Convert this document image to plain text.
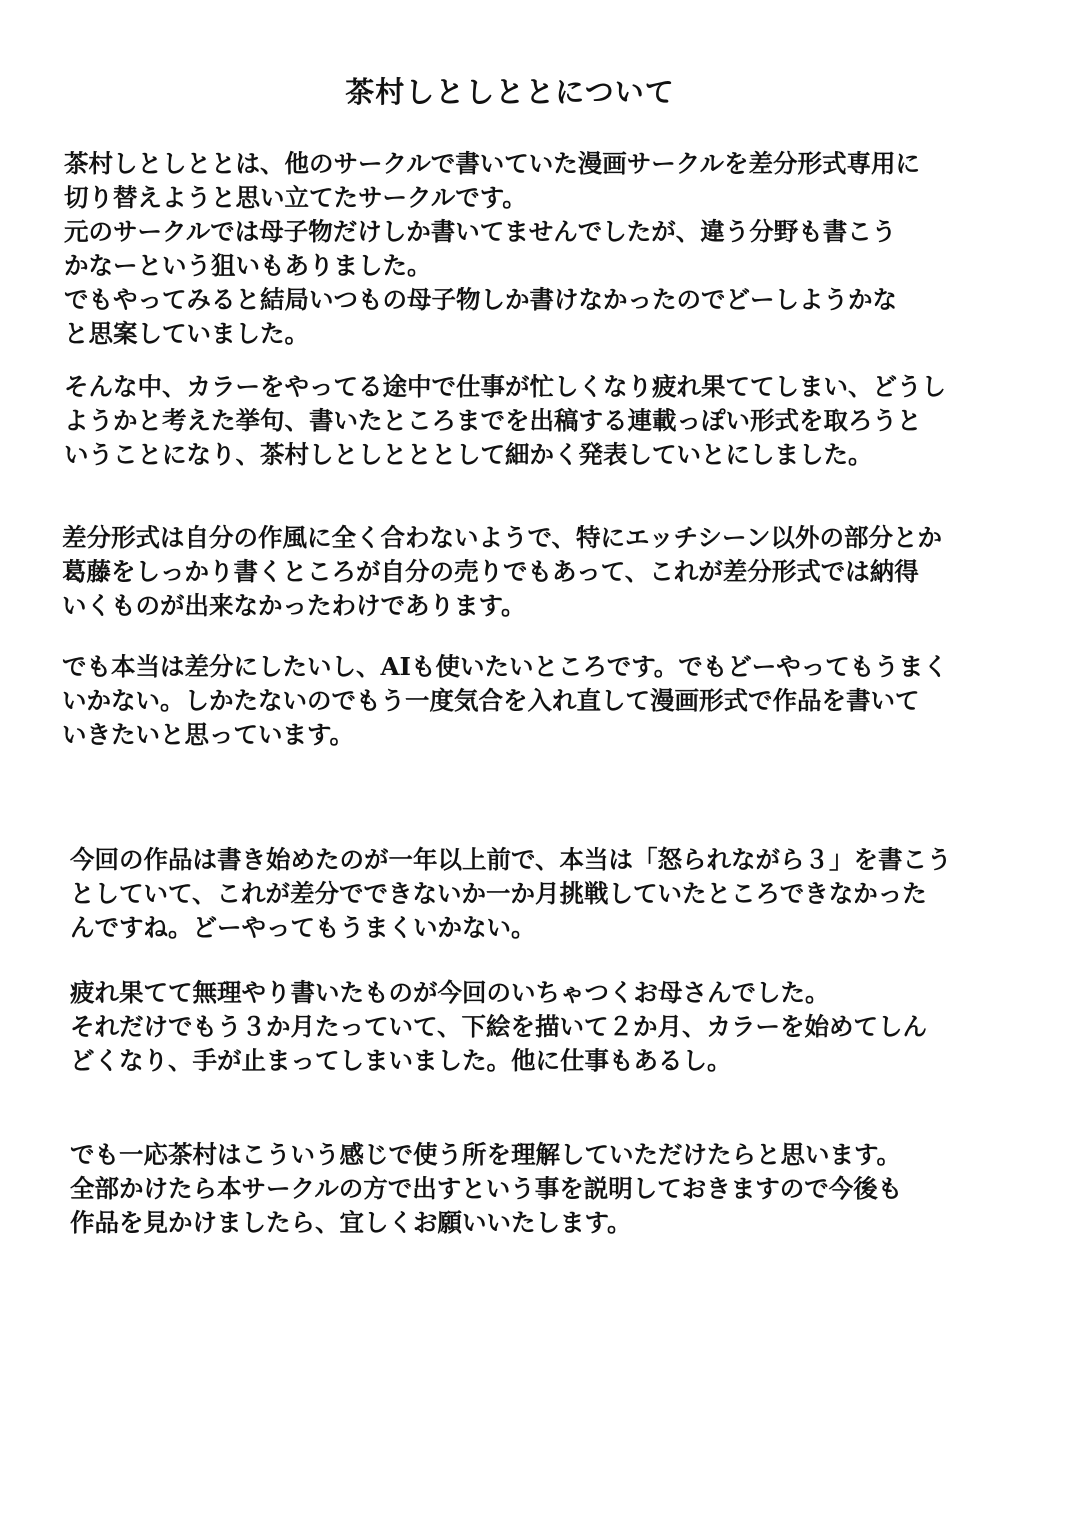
茶村しとしととについて
茶村しとしととは、他のサークルで書いていた漫画サークルを差分形式専用に
切り替えようと思い立てたサークルです。
元のサークルでは母子物だけしか書いてませんでしたが、違う分野も書こう
かなーという狙いもありました。
でもやってみると結局いつもの母子物しか書けなかったのでどーしようかな
と思案していました。
そんな中、カラーをやってる途中で仕事が忙しくなり疲れ果ててしまい、どうし
ようかと考えた挙句、書いたところまでを出稿する連載っぽい形式を取ろうと
いうことになり、茶村しとしとととして細かく発表していとにしました。
差分形式は自分の作風に全く合わないようで、特にエッチシーン以外の部分とか
葛藤をしっかり書くところが自分の売りでもあって、これが差分形式では納得
いくものが出来なかったわけであります。
でも本当は差分にしたいし、AIも使いたいところです。でもどーやってもうまく
いかない。しかたないのでもう一度気合を入れ直して漫画形式で作品を書いて
いきたいと思っています。
今回の作品は書き始めたのが一年以上前で、本当は「怒られながら３」を書こう
としていて、これが差分でできないか一か月挑戦していたところできなかった
んですね。どーやってもうまくいかない。
疲れ果てて無理やり書いたものが今回のいちゃつくお母さんでした。
それだけでもう３か月たっていて、下絵を描いて２か月、カラーを始めてしん
どくなり、手が止まってしまいました。他に仕事もあるし。
でも一応茶村はこういう感じで使う所を理解していただけたらと思います。
全部かけたら本サークルの方で出すという事を説明しておきますので今後も
作品を見かけましたら、宜しくお願いいたします。
